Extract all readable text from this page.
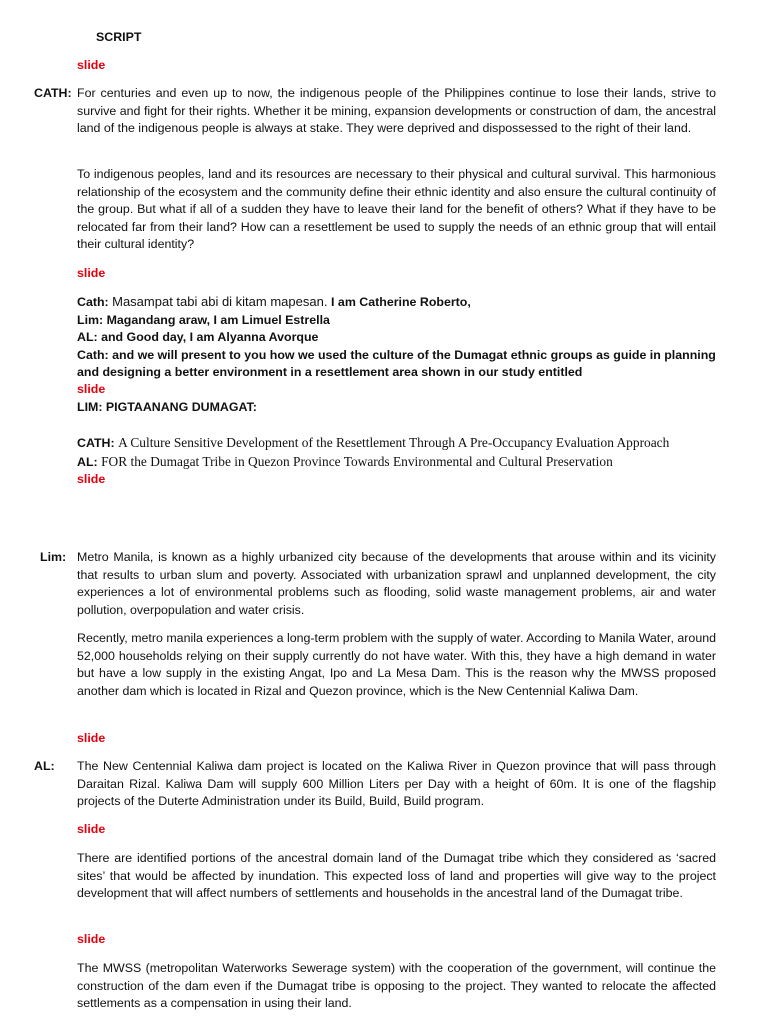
SCRIPT
slide
CATH: For centuries and even up to now, the indigenous people of the Philippines continue to lose their lands, strive to survive and fight for their rights. Whether it be mining, expansion developments or construction of dam, the ancestral land of the indigenous people is always at stake. They were deprived and dispossessed to the right of their land.

To indigenous peoples, land and its resources are necessary to their physical and cultural survival. This harmonious relationship of the ecosystem and the community define their ethnic identity and also ensure the cultural continuity of the group. But what if all of a sudden they have to leave their land for the benefit of others? What if they have to be relocated far from their land? How can a resettlement be used to supply the needs of an ethnic group that will entail their cultural identity?

slide
Cath: Masampat tabi abi di kitam mapesan. I am Catherine Roberto,
Lim: Magandang araw, I am Limuel Estrella
AL: and Good day, I am Alyanna Avorque
Cath: and we will present to you how we used the culture of the Dumagat ethnic groups as guide in planning and designing a better environment in a resettlement area shown in our study entitled
slide
LIM: PIGTAANANG DUMAGAT:
CATH: A Culture Sensitive Development of the Resettlement Through A Pre-Occupancy Evaluation Approach
AL: FOR the Dumagat Tribe in Quezon Province Towards Environmental and Cultural Preservation
slide
Lim: Metro Manila, is known as a highly urbanized city because of the developments that arouse within and its vicinity that results to urban slum and poverty. Associated with urbanization sprawl and unplanned development, the city experiences a lot of environmental problems such as flooding, solid waste management problems, air and water pollution, overpopulation and water crisis.

Recently, metro manila experiences a long-term problem with the supply of water. According to Manila Water, around 52,000 households relying on their supply currently do not have water. With this, they have a high demand in water but have a low supply in the existing Angat, Ipo and La Mesa Dam. This is the reason why the MWSS proposed another dam which is located in Rizal and Quezon province, which is the New Centennial Kaliwa Dam.

slide
AL: The New Centennial Kaliwa dam project is located on the Kaliwa River in Quezon province that will pass through Daraitan Rizal. Kaliwa Dam will supply 600 Million Liters per Day with a height of 60m. It is one of the flagship projects of the Duterte Administration under its Build, Build, Build program.

slide

There are identified portions of the ancestral domain land of the Dumagat tribe which they considered as ‘sacred sites’ that would be affected by inundation. This expected loss of land and properties will give way to the project development that will affect numbers of settlements and households in the ancestral land of the Dumagat tribe.

slide

The MWSS (metropolitan Waterworks Sewerage system) with the cooperation of the government, will continue the construction of the dam even if the Dumagat tribe is opposing to the project. They wanted to relocate the affected settlements as a compensation in using their land.
